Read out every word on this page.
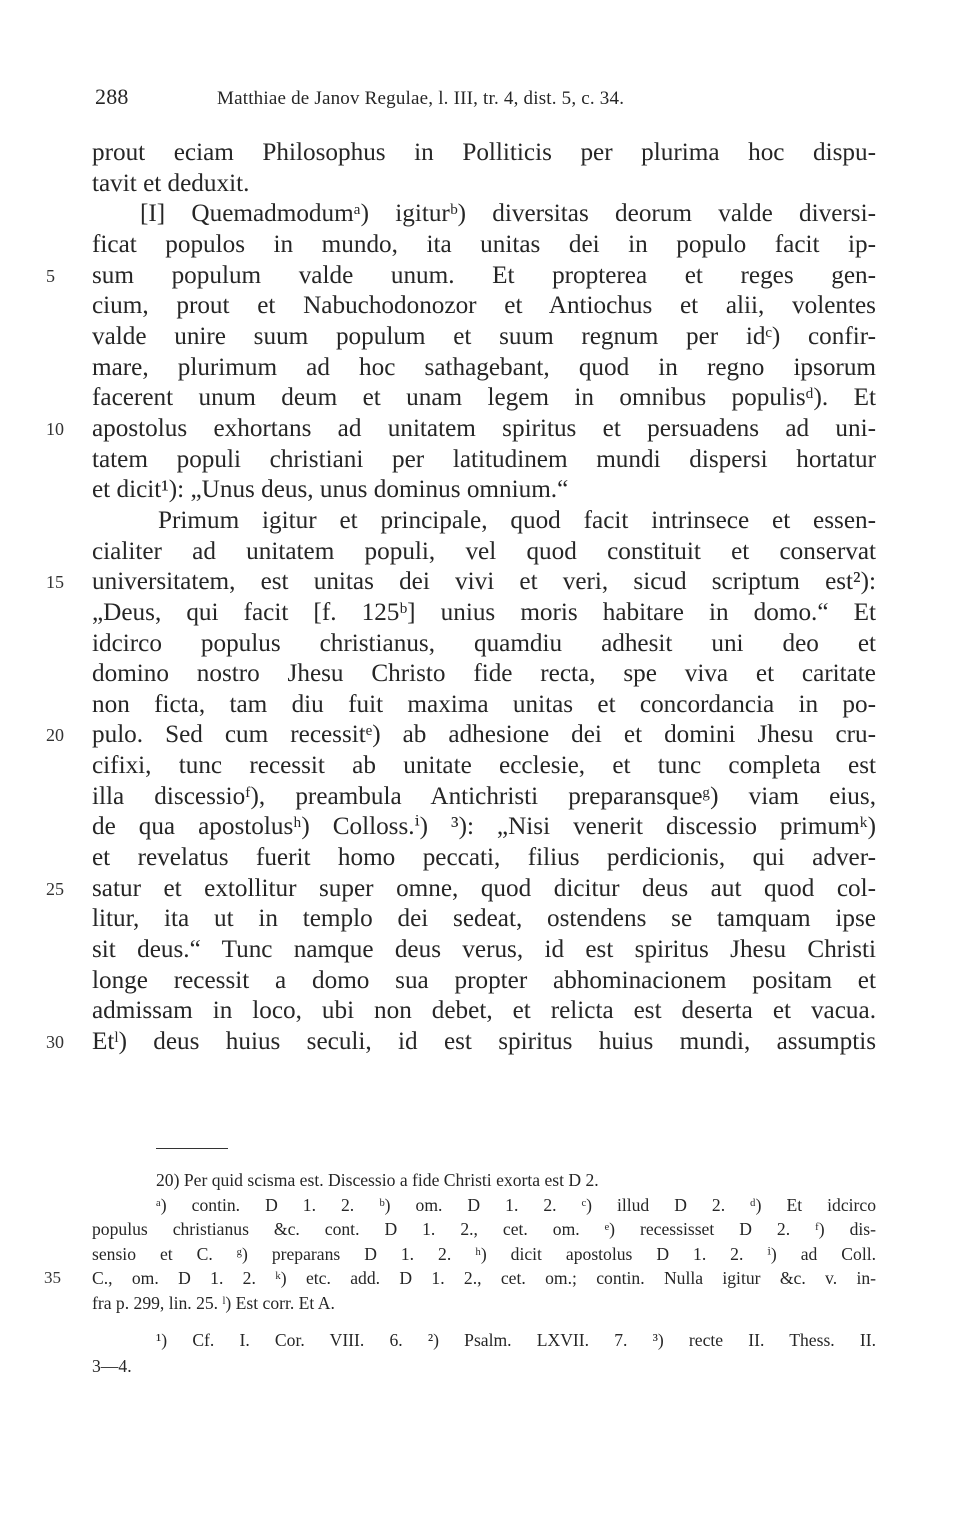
288	Matthiae de Janov Regulae, l. III, tr. 4, dist. 5, c. 34.
prout eciam Philosophus in Polliticis per plurima hoc dispu-
tavit et deduxit.
[I] Quemadmodumᵃ) igiturᵇ) diversitas deorum valde diversi-
ficat populos in mundo, ita unitas dei in populo facit ip-
sum populum valde unum. Et propterea et reges gen-
5
cium, prout et Nabuchodonozor et Antiochus et alii, volentes
valde unire suum populum et suum regnum per idᶜ) confir-
mare, plurimum ad hoc sathagebant, quod in regno ipsorum
facerent unum deum et unam legem in omnibus populisᵈ). Et
apostolus exhortans ad unitatem spiritus et persuadens ad uni-
10
tatem populi christiani per latitudinem mundi dispersi hortatur
et dicit¹): „Unus deus, unus dominus omnium.“
Primum igitur et principale, quod facit intrinsece et essen-
cialiter ad unitatem populi, vel quod constituit et conservat
universitatem, est unitas dei vivi et veri, sicud scriptum est²):
15
„Deus, qui facit [f. 125ᵇ] unius moris habitare in domo.“ Et
idcirco populus christianus, quamdiu adhesit uni deo et
domino nostro Jhesu Christo fide recta, spe viva et caritate
non ficta, tam diu fuit maxima unitas et concordancia in po-
pulo. Sed cum recessitᵉ) ab adhesione dei et domini Jhesu cru-
20
cifixi, tunc recessit ab unitate ecclesie, et tunc completa est
illa discessioᶠ), preambula Antichristi preparansqueᵍ) viam eius,
de qua apostolusʰ) Colloss.ⁱ) ³): „Nisi venerit discessio primumᵏ)
et revelatus fuerit homo peccati, filius perdicionis, qui adver-
satur et extollitur super omne, quod dicitur deus aut quod col-
25
litur, ita ut in templo dei sedeat, ostendens se tamquam ipse
sit deus.“ Tunc namque deus verus, id est spiritus Jhesu Christi
longe recessit a domo sua propter abhominacionem positam et
admissam in loco, ubi non debet, et relicta est deserta et vacua.
Etˡ) deus huius seculi, id est spiritus huius mundi, assumptis
30
20) Per quid scisma est. Discessio a fide Christi exorta est D 2.
ᵃ) contin. D 1. 2. ᵇ) om. D 1. 2. ᶜ) illud D 2. ᵈ) Et idcirco
populus christianus &c. cont. D 1. 2., cet. om. ᵉ) recessisset D 2. ᶠ) dis-
sensio et C. ᵍ) preparans D 1. 2. ʰ) dicit apostolus D 1. 2. ⁱ) ad Coll.
C., om. D 1. 2. ᵏ) etc. add. D 1. 2., cet. om.; contin. Nulla igitur &c. v. in-
35
fra p. 299, lin. 25. ˡ) Est corr. Et A.
¹) Cf. I. Cor. VIII. 6. ²) Psalm. LXVII. 7. ³) recte II. Thess. II.
3—4.
